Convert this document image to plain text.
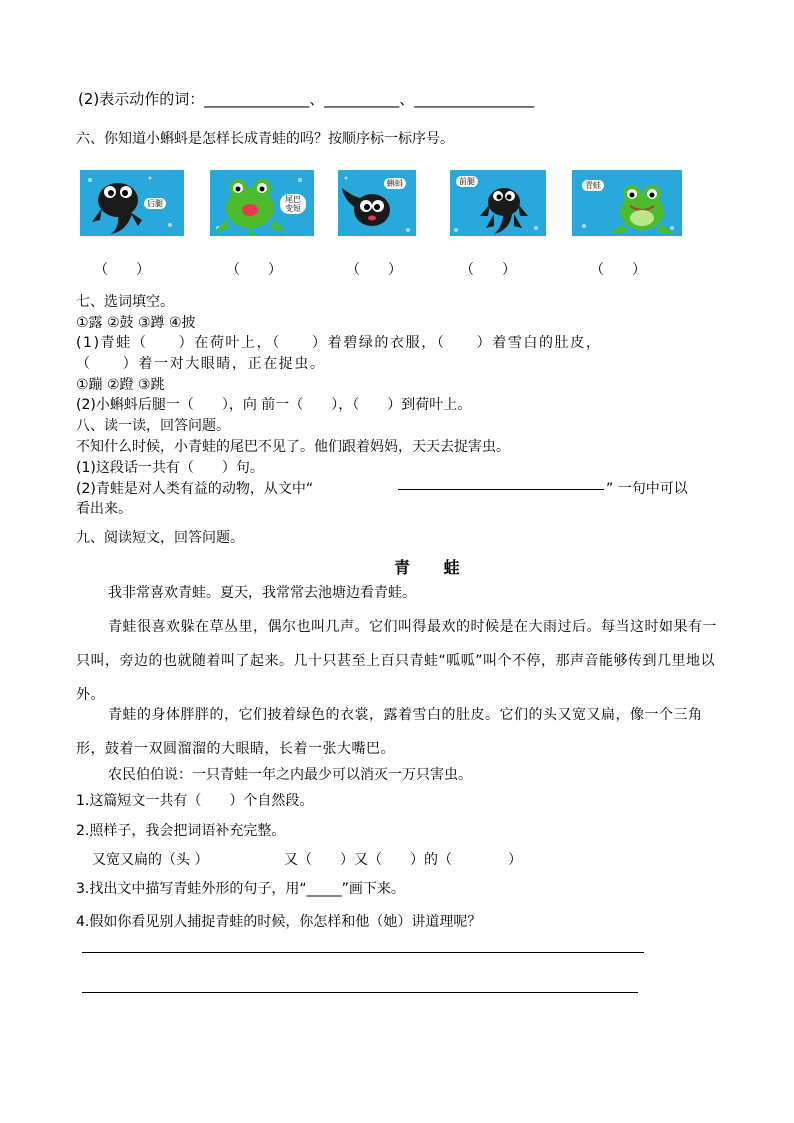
(2)表示动作的词：______________、__________、________________
六、你知道小蝌蚪是怎样长成青蛙的吗？按顺序标一标序号。
后腿	尾巴变短
蝌蚪	前腿	青蛙
（　　）	（　　）	（　　）	（　　）	（　　）
七、选词填空。
①露 ②鼓 ③蹲 ④披
(1)青蛙（　　）在荷叶上，（　　）着碧绿的衣服，（　　）着雪白的肚皮，
（　　）着一对大眼睛，正在捉虫。
①蹦 ②蹬 ③跳
(2)小蝌蚪后腿一（　　），向 前一（　　），（　　）到荷叶上。
八、读一读，回答问题。
不知什么时候，小青蛙的尾巴不见了。他们跟着妈妈，天天去捉害虫。
(1)这段话一共有（　　）句。
(2)青蛙是对人类有益的动物，从文中“	” 一句中可以
看出来。
九、阅读短文，回答问题。
青 蛙
我非常喜欢青蛙。夏天，我常常去池塘边看青蛙。
青蛙很喜欢躲在草丛里，偶尔也叫几声。它们叫得最欢的时候是在大雨过后。每当这时如果有一只叫，旁边的也就随着叫了起来。几十只甚至上百只青蛙“呱呱”叫个不停，那声音能够传到几里地以外。
青蛙的身体胖胖的，它们披着绿色的衣裳，露着雪白的肚皮。它们的头又宽又扁，像一个三角形，鼓着一双圆溜溜的大眼睛，长着一张大嘴巴。
农民伯伯说：一只青蛙一年之内最少可以消灭一万只害虫。
1.这篇短文一共有（　　）个自然段。
2.照样子，我会把词语补充完整。
又宽又扁的（头 ）	又（　　）又（　　）的（　　　　）
3.找出文中描写青蛙外形的句子，用“_____”画下来。
4.假如你看见别人捕捉青蛙的时候，你怎样和他（她）讲道理呢？
